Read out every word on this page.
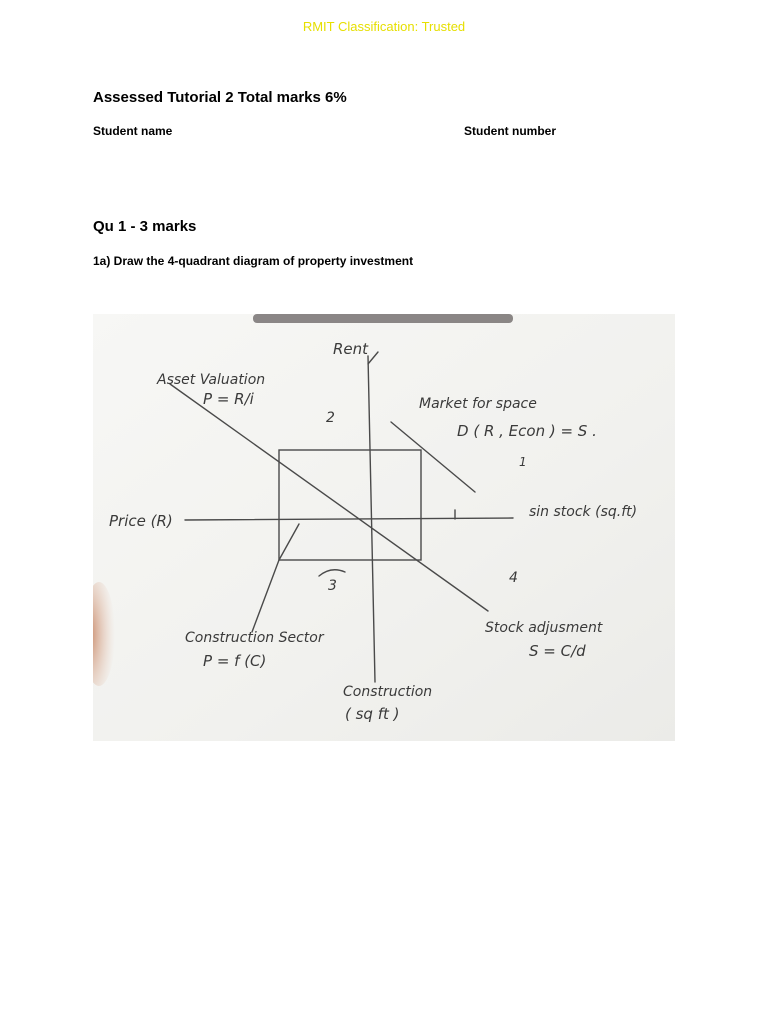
RMIT Classification: Trusted
Assessed Tutorial 2 Total marks 6%
Student name	Student number
Qu 1 - 3 marks
1a) Draw the 4-quadrant diagram of property investment
Rent
Price (R)	sin stock (sq.ft)
Construction
( sq ft )
Asset Valuation
P = R/i
2
Market for space
D ( R , Econ ) = S .
1
3
Construction Sector
P = f (C)
4
Stock adjusment
S = C/d
